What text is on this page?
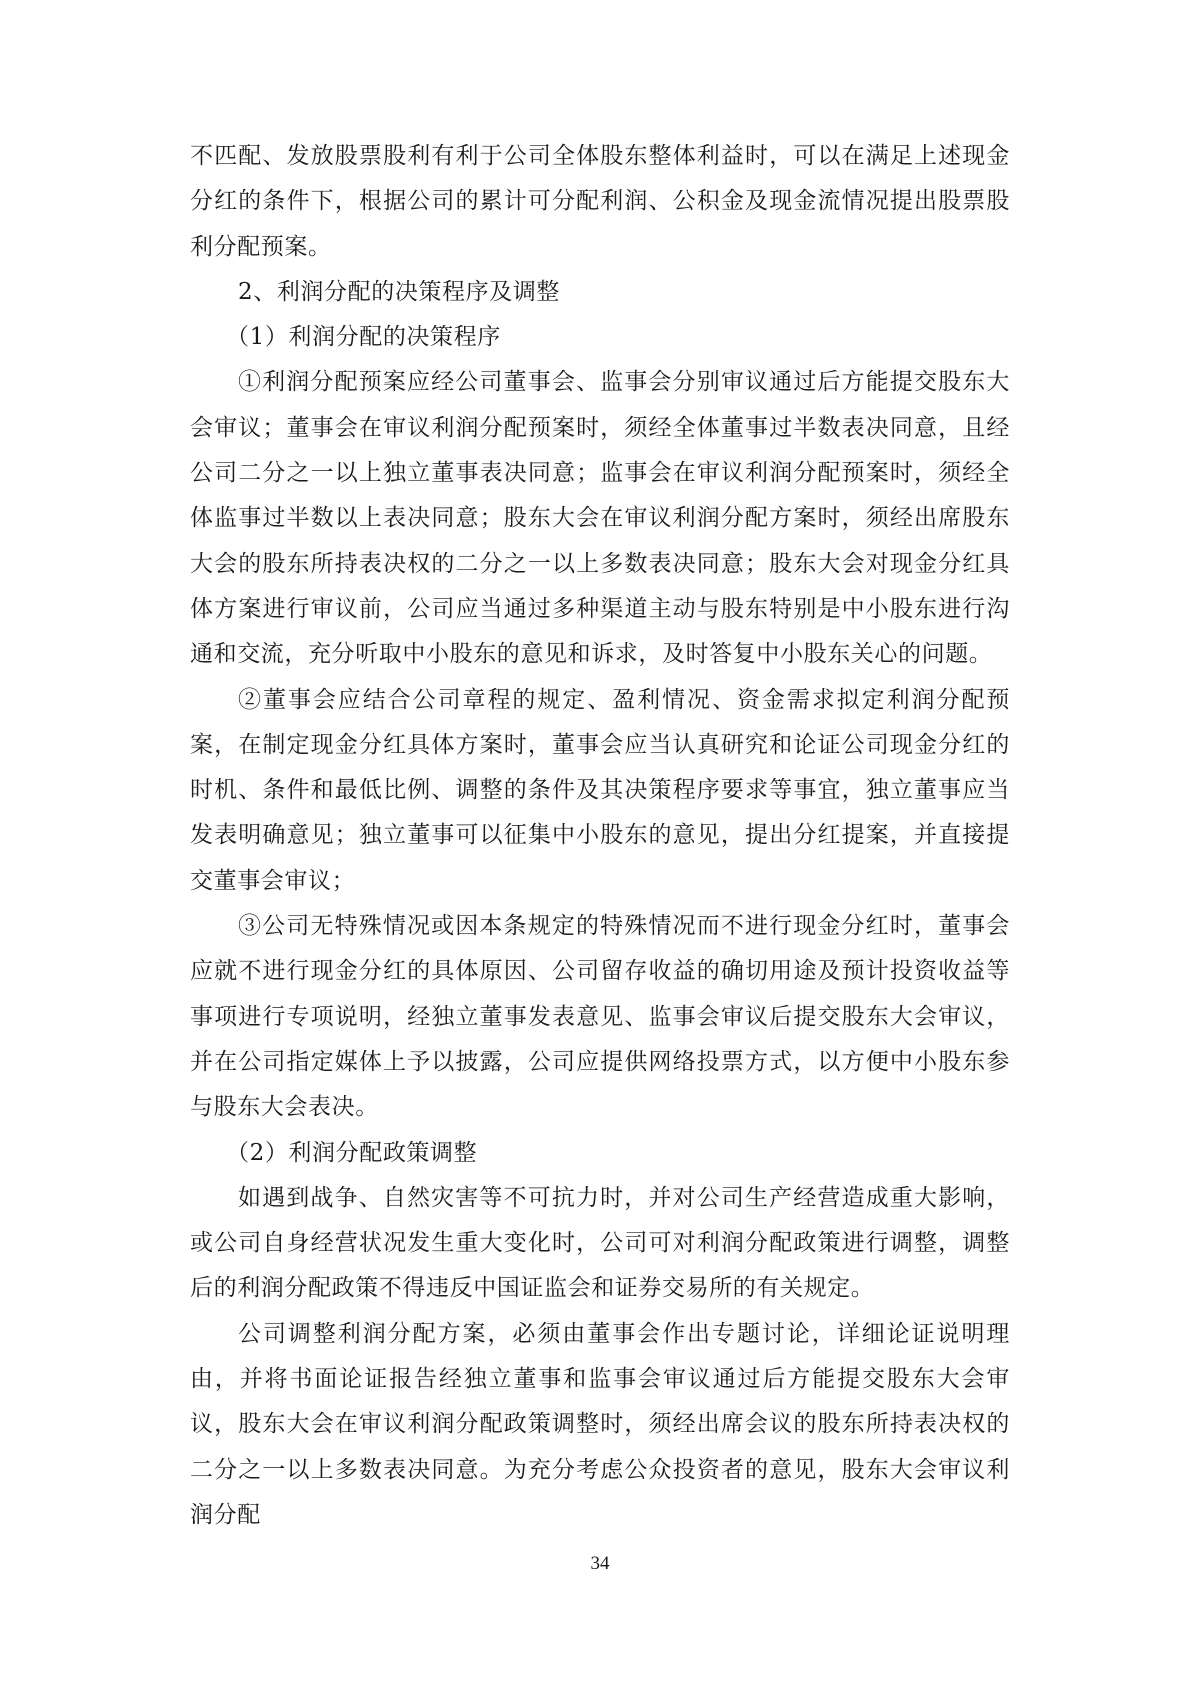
不匹配、发放股票股利有利于公司全体股东整体利益时，可以在满足上述现金分红的条件下，根据公司的累计可分配利润、公积金及现金流情况提出股票股利分配预案。

2、利润分配的决策程序及调整

（1）利润分配的决策程序

①利润分配预案应经公司董事会、监事会分别审议通过后方能提交股东大会审议；董事会在审议利润分配预案时，须经全体董事过半数表决同意，且经公司二分之一以上独立董事表决同意；监事会在审议利润分配预案时，须经全体监事过半数以上表决同意；股东大会在审议利润分配方案时，须经出席股东大会的股东所持表决权的二分之一以上多数表决同意；股东大会对现金分红具体方案进行审议前，公司应当通过多种渠道主动与股东特别是中小股东进行沟通和交流，充分听取中小股东的意见和诉求，及时答复中小股东关心的问题。

②董事会应结合公司章程的规定、盈利情况、资金需求拟定利润分配预案，在制定现金分红具体方案时，董事会应当认真研究和论证公司现金分红的时机、条件和最低比例、调整的条件及其决策程序要求等事宜，独立董事应当发表明确意见；独立董事可以征集中小股东的意见，提出分红提案，并直接提交董事会审议；

③公司无特殊情况或因本条规定的特殊情况而不进行现金分红时，董事会应就不进行现金分红的具体原因、公司留存收益的确切用途及预计投资收益等事项进行专项说明，经独立董事发表意见、监事会审议后提交股东大会审议，并在公司指定媒体上予以披露，公司应提供网络投票方式，以方便中小股东参与股东大会表决。

（2）利润分配政策调整

如遇到战争、自然灾害等不可抗力时，并对公司生产经营造成重大影响，或公司自身经营状况发生重大变化时，公司可对利润分配政策进行调整，调整后的利润分配政策不得违反中国证监会和证券交易所的有关规定。

公司调整利润分配方案，必须由董事会作出专题讨论，详细论证说明理由，并将书面论证报告经独立董事和监事会审议通过后方能提交股东大会审议，股东大会在审议利润分配政策调整时，须经出席会议的股东所持表决权的二分之一以上多数表决同意。为充分考虑公众投资者的意见，股东大会审议利润分配

34
